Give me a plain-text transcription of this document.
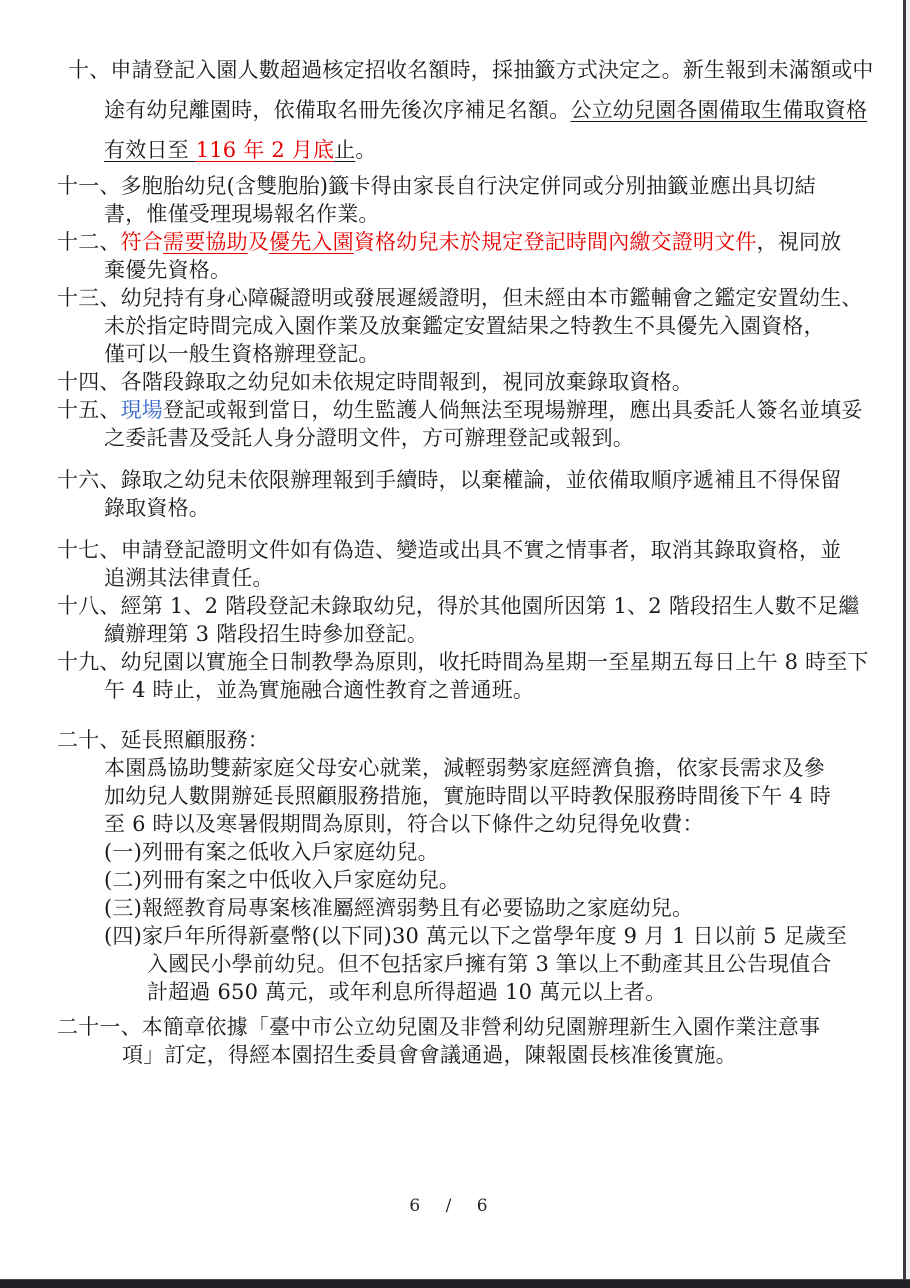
十、申請登記入園人數超過核定招收名額時，採抽籤方式決定之。新生報到未滿額或中
途有幼兒離園時，依備取名冊先後次序補足名額。公立幼兒園各園備取生備取資格
有效日至 116 年 2 月底止。
十一、多胞胎幼兒(含雙胞胎)籤卡得由家長自行決定併同或分別抽籤並應出具切結
書，惟僅受理現場報名作業。
十二、符合需要協助及優先入園資格幼兒未於規定登記時間內繳交證明文件，視同放
棄優先資格。
十三、幼兒持有身心障礙證明或發展遲緩證明，但未經由本市鑑輔會之鑑定安置幼生、
未於指定時間完成入園作業及放棄鑑定安置結果之特教生不具優先入園資格，
僅可以一般生資格辦理登記。
十四、各階段錄取之幼兒如未依規定時間報到，視同放棄錄取資格。
十五、現場登記或報到當日，幼生監護人倘無法至現場辦理，應出具委託人簽名並填妥
之委託書及受託人身分證明文件，方可辦理登記或報到。
十六、錄取之幼兒未依限辦理報到手續時，以棄權論，並依備取順序遞補且不得保留
錄取資格。
十七、申請登記證明文件如有偽造、變造或出具不實之情事者，取消其錄取資格，並
追溯其法律責任。
十八、經第 1、2 階段登記未錄取幼兒，得於其他園所因第 1、2 階段招生人數不足繼
續辦理第 3 階段招生時參加登記。
十九、幼兒園以實施全日制教學為原則，收托時間為星期一至星期五每日上午 8 時至下
午 4 時止，並為實施融合適性教育之普通班。
二十、延長照顧服務：
本園爲協助雙薪家庭父母安心就業，減輕弱勢家庭經濟負擔，依家長需求及參
加幼兒人數開辦延長照顧服務措施，實施時間以平時教保服務時間後下午 4 時
至 6 時以及寒暑假期間為原則，符合以下條件之幼兒得免收費：
(一)列冊有案之低收入戶家庭幼兒。
(二)列冊有案之中低收入戶家庭幼兒。
(三)報經教育局專案核准屬經濟弱勢且有必要協助之家庭幼兒。
(四)家戶年所得新臺幣(以下同)30 萬元以下之當學年度 9 月 1 日以前 5 足歲至
入國民小學前幼兒。但不包括家戶擁有第 3 筆以上不動產其且公告現值合
計超過 650 萬元，或年利息所得超過 10 萬元以上者。
二十一、本簡章依據「臺中市公立幼兒園及非營利幼兒園辦理新生入園作業注意事
項」訂定，得經本園招生委員會會議通過，陳報園長核准後實施。
6 / 6
